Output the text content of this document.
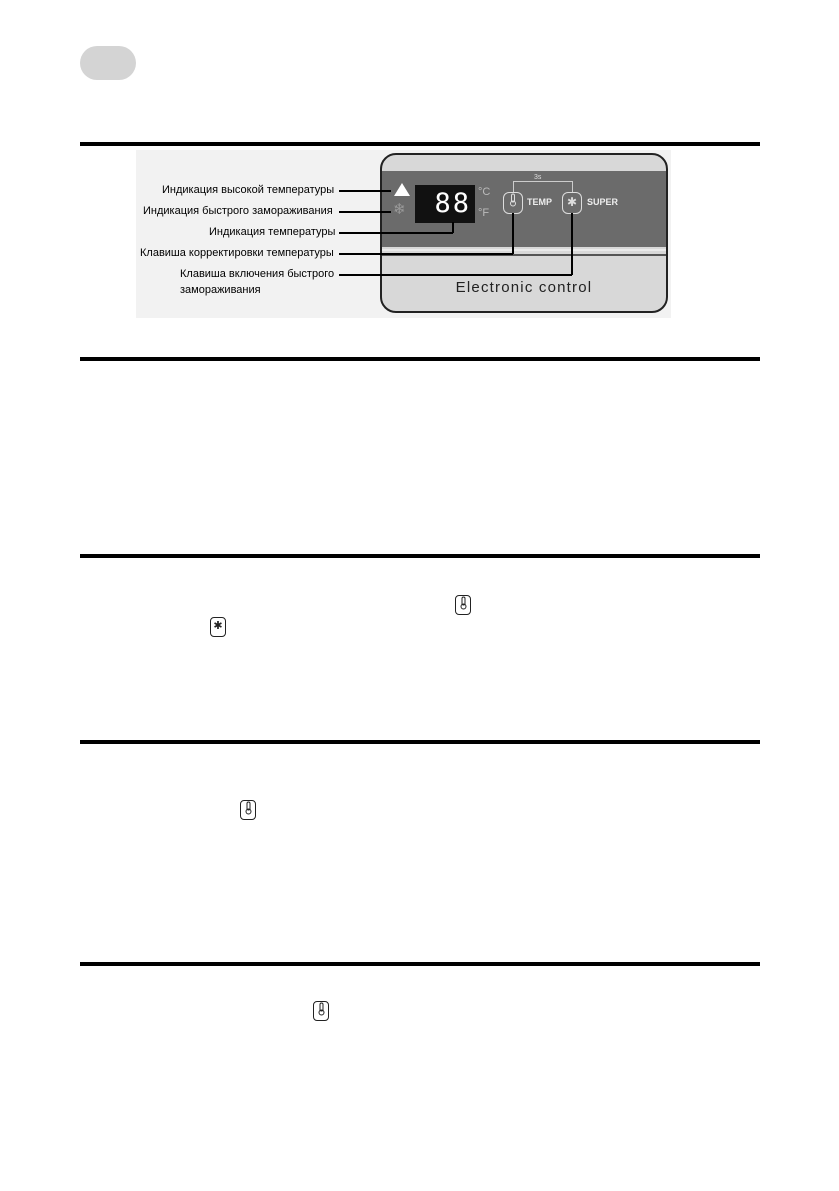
Electronic control
❄	88 °C
°F
3s
TEMP	✱	SUPER
Индикация высокой температуры
Индикация быстрого замораживания
Индикация температуры
Клавиша корректировки температуры
Клавиша включения быстрого
замораживания
✱
